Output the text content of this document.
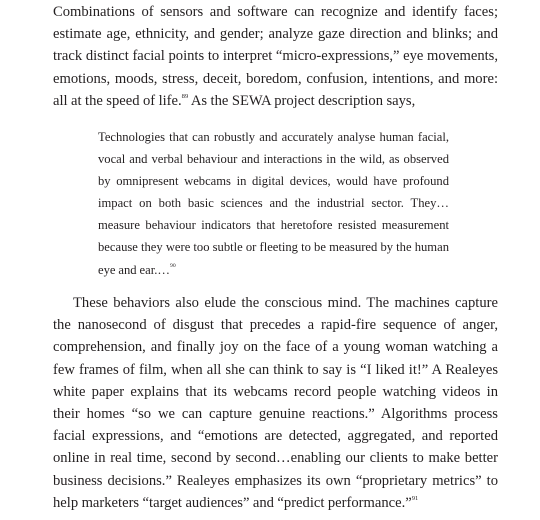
Combinations of sensors and software can recognize and identify faces; estimate age, ethnicity, and gender; analyze gaze direction and blinks; and track distinct facial points to interpret “micro-expressions,” eye movements, emotions, moods, stress, deceit, boredom, confusion, intentions, and more: all at the speed of life.$^{89}$ As the SEWA project description says,

Technologies that can robustly and accurately analyse human facial, vocal and verbal behaviour and interactions in the wild, as observed by omnipresent webcams in digital devices, would have profound impact on both basic sciences and the industrial sector. They… measure behaviour indicators that heretofore resisted measurement because they were too subtle or fleeting to be measured by the human eye and ear.…$^{90}$

These behaviors also elude the conscious mind. The machines capture the nanosecond of disgust that precedes a rapid-fire sequence of anger, comprehension, and finally joy on the face of a young woman watching a few frames of film, when all she can think to say is “I liked it!” A Realeyes white paper explains that its webcams record people watching videos in their homes “so we can capture genuine reactions.” Algorithms process facial expressions, and “emotions are detected, aggregated, and reported online in real time, second by second…enabling our clients to make better business decisions.” Realeyes emphasizes its own “proprietary metrics” to help marketers “target audiences” and “predict performance.”$^{91}$
